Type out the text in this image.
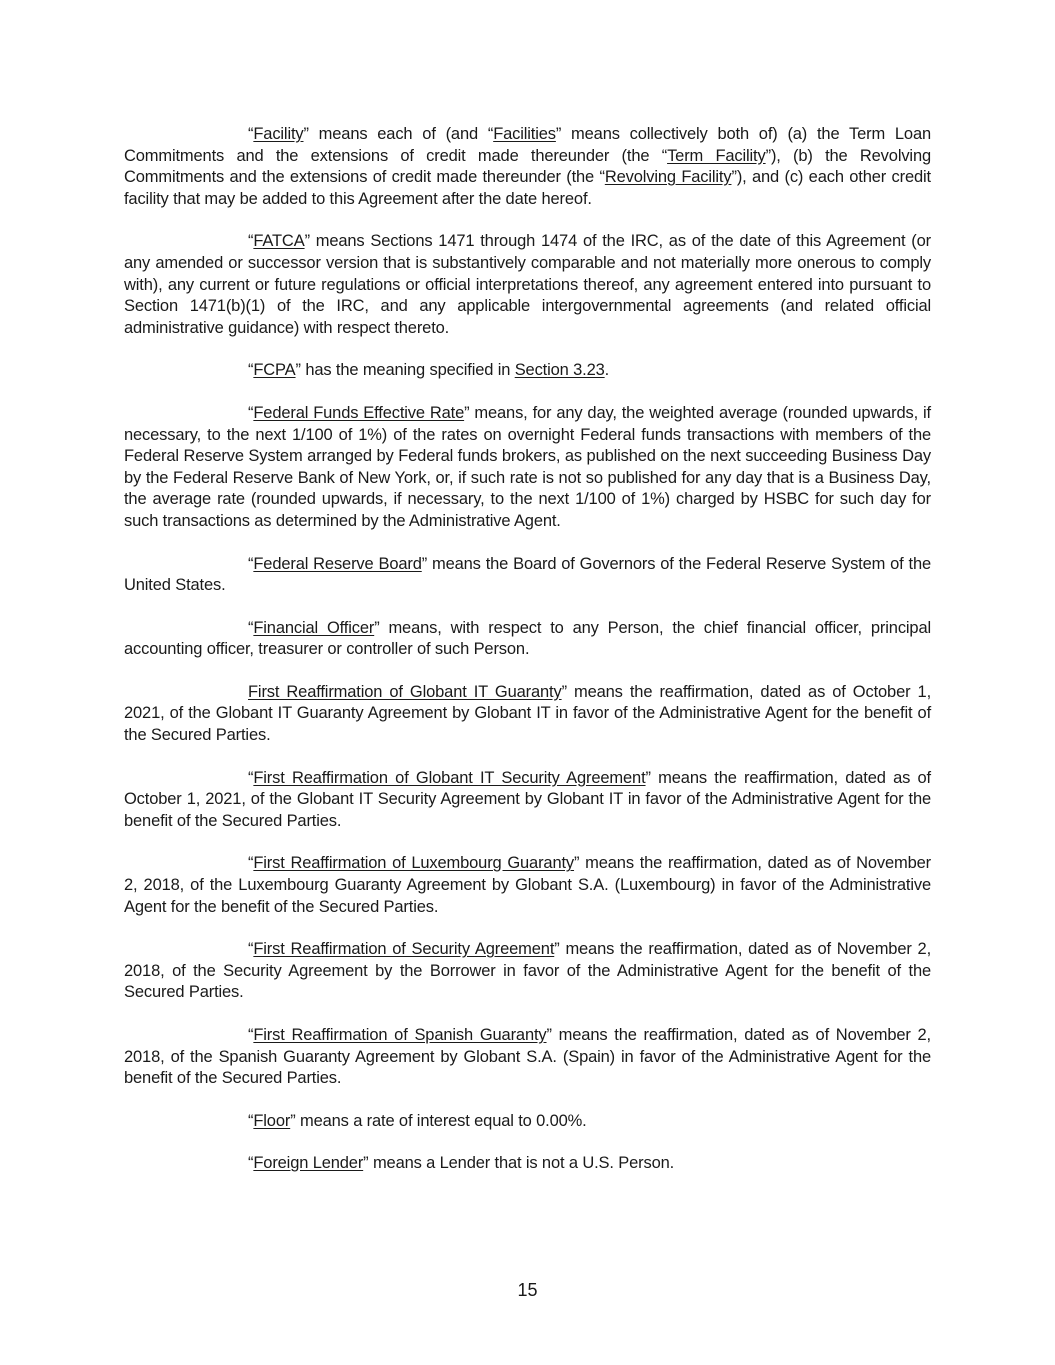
“Facility” means each of (and “Facilities” means collectively both of) (a) the Term Loan Commitments and the extensions of credit made thereunder (the “Term Facility”), (b) the Revolving Commitments and the extensions of credit made thereunder (the “Revolving Facility”), and (c) each other credit facility that may be added to this Agreement after the date hereof.

“FATCA” means Sections 1471 through 1474 of the IRC, as of the date of this Agreement (or any amended or successor version that is substantively comparable and not materially more onerous to comply with), any current or future regulations or official interpretations thereof, any agreement entered into pursuant to Section 1471(b)(1) of the IRC, and any applicable intergovernmental agreements (and related official administrative guidance) with respect thereto.

“FCPA” has the meaning specified in Section 3.23.

“Federal Funds Effective Rate” means, for any day, the weighted average (rounded upwards, if necessary, to the next 1/100 of 1%) of the rates on overnight Federal funds transactions with members of the Federal Reserve System arranged by Federal funds brokers, as published on the next succeeding Business Day by the Federal Reserve Bank of New York, or, if such rate is not so published for any day that is a Business Day, the average rate (rounded upwards, if necessary, to the next 1/100 of 1%) charged by HSBC for such day for such transactions as determined by the Administrative Agent.

“Federal Reserve Board” means the Board of Governors of the Federal Reserve System of the United States.

“Financial Officer” means, with respect to any Person, the chief financial officer, principal accounting officer, treasurer or controller of such Person.

First Reaffirmation of Globant IT Guaranty” means the reaffirmation, dated as of October 1, 2021, of the Globant IT Guaranty Agreement by Globant IT in favor of the Administrative Agent for the benefit of the Secured Parties.

“First Reaffirmation of Globant IT Security Agreement” means the reaffirmation, dated as of October 1, 2021, of the Globant IT Security Agreement by Globant IT in favor of the Administrative Agent for the benefit of the Secured Parties.

“First Reaffirmation of Luxembourg Guaranty” means the reaffirmation, dated as of November 2, 2018, of the Luxembourg Guaranty Agreement by Globant S.A. (Luxembourg) in favor of the Administrative Agent for the benefit of the Secured Parties.

“First Reaffirmation of Security Agreement” means the reaffirmation, dated as of November 2, 2018, of the Security Agreement by the Borrower in favor of the Administrative Agent for the benefit of the Secured Parties.

“First Reaffirmation of Spanish Guaranty” means the reaffirmation, dated as of November 2, 2018, of the Spanish Guaranty Agreement by Globant S.A. (Spain) in favor of the Administrative Agent for the benefit of the Secured Parties.

“Floor” means a rate of interest equal to 0.00%.

“Foreign Lender” means a Lender that is not a U.S. Person.

15
